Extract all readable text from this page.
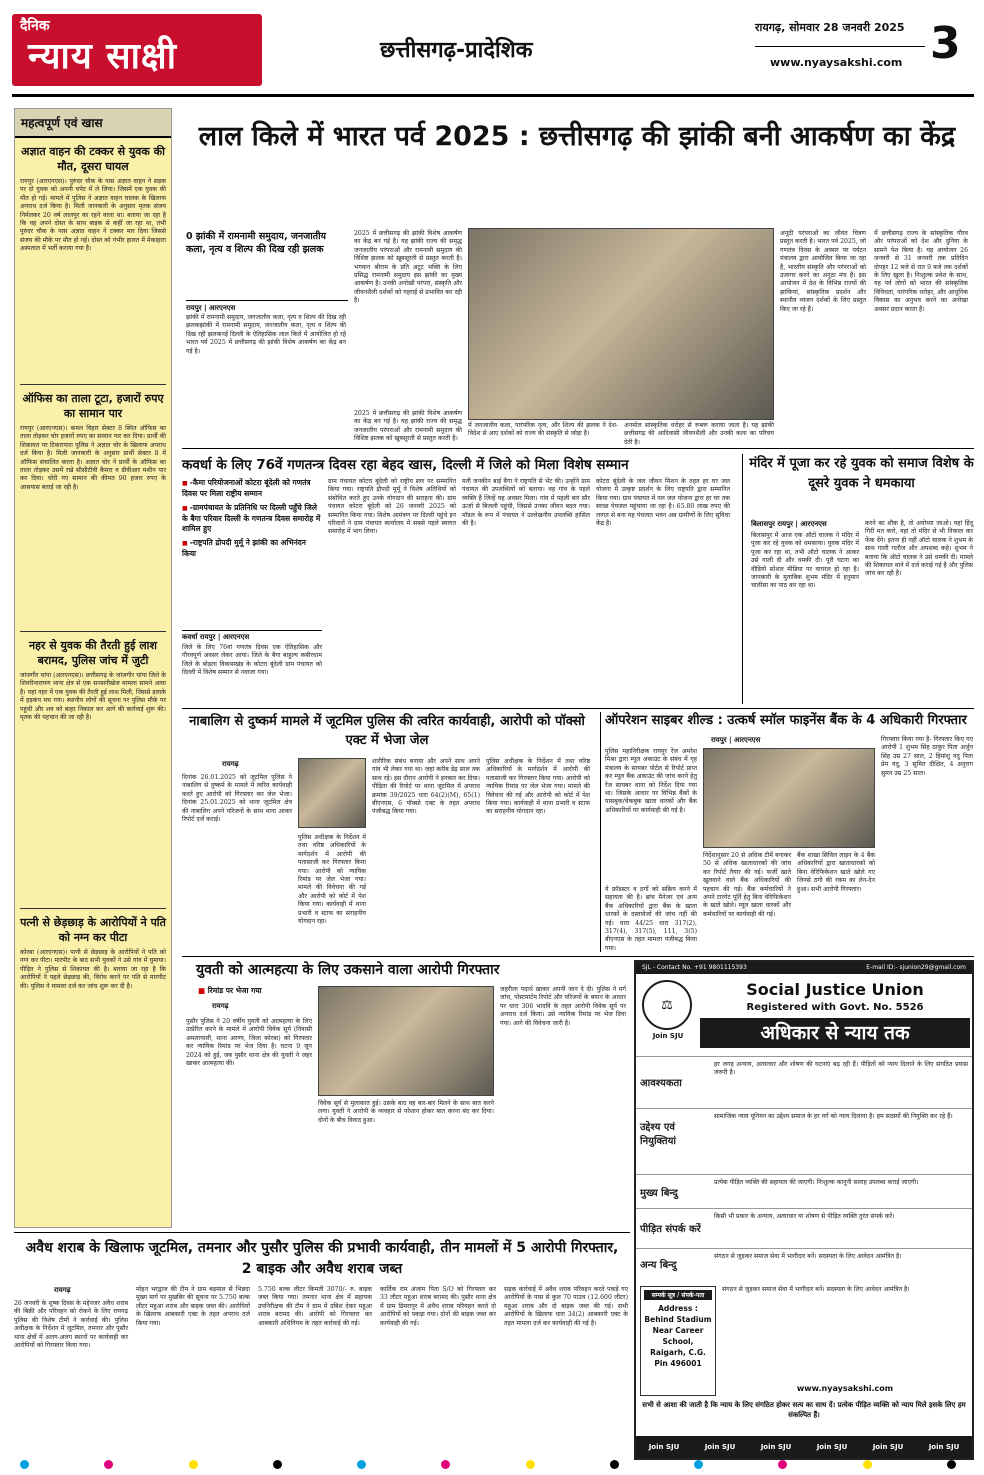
दैनिक
न्याय साक्षी	छत्तीसगढ़-प्रादेशिक
रायगढ़, सोमवार 28 जनवरी 2025
www.nyaysakshi.com 3
महत्वपूर्ण एवं खास
अज्ञात वाहन की टक्कर से युवक की मौत, दूसरा घायल
रायपुर (आरएनएस)। पुरुंदर चौक के पास अज्ञात वाहन ने सड़क पर दो युवक को अपनी चपेट में ले लिया। जिसमें एक युवक की मौत हो गई। मामले में पुलिस ने अज्ञात वाहन चालक के खिलाफ अपराध दर्ज किया है। मिली जानकारी के अनुसार मृतक संजय निर्मलकर 20 वर्ष लालपुर का रहने वाला था। बताया जा रहा है कि वह अपने दोस्त के साथ बाइक से कहीं जा रहा था, तभी पुरुंदर चौक के पास अज्ञात वाहन ने टक्कर मार दिया जिससे संजय की मौके पर मौत हो गई। दोस्त को गंभीर हालत में मेकाहारा अस्पताल में भर्ती कराया गया है।
ऑफिस का ताला टूटा, हजारों रुपए का सामान पार
रायपुर (आरएनएस)। कमल विहार सेक्टर 8 स्थित ऑफिस का ताला तोड़कर चोर हजारों रुपए का सामान पार कर दिया। प्रार्थी की शिकायत पर टिकरापारा पुलिस ने अज्ञात चोर के खिलाफ अपराध दर्ज किया है। मिली जानकारी के अनुसार प्रार्थी सेक्टर 8 में ऑफिस संचालित करता है। अज्ञात चोर ने प्रार्थी के ऑफिस का ताला तोड़कर उसमें रखे सीसीटीवी कैमरा व डीवीआर मशीन पार कर दिया। चोरी गए सामान की कीमत 90 हजार रुपए के आसपास बताई जा रही है।
नहर से युवक की तैरती हुई लाश बरामद, पुलिस जांच में जुटी
जांजगीर चांपा (आरएनएस)। छत्तीसगढ़ के जांजगीर चांपा जिले के शिवरीनारायण थाना क्षेत्र से एक सनसनीखेज मामला सामने आया है। यहां नहर में एक युवक की तैरती हुई लाश मिली, जिससे इलाके में हड़कंप मच गया। स्थानीय लोगों की सूचना पर पुलिस मौके पर पहुंची और शव को बाहर निकाल कर आगे की कार्रवाई शुरू की। मृतक की पहचान की जा रही है।
पत्नी से छेड़छाड़ के आरोपियों ने पति को नग्न कर पीटा
कोरबा (आरएनएस)। पत्नी से छेड़छाड़ के आरोपियों ने पति को नग्न कर पीटा। मारपीट के बाद सभी युवकों ने उसे गांव में घुमाया। पीड़ित ने पुलिस से शिकायत की है। बताया जा रहा है कि आरोपियों ने पहले छेड़छाड़ की, विरोध करने पर पति से मारपीट की। पुलिस ने मामला दर्ज कर जांच शुरू कर दी है।
लाल किले में भारत पर्व 2025 : छत्तीसगढ़ की झांकी बनी आकर्षण का केंद्र
0 झांकी में रामनामी समुदाय, जनजातीय कला, नृत्य व शिल्प की दिख रही झलक
रायपुर | आरएनएस
झांकी में रामनामी समुदाय, जनजातीय कला, नृत्य व शिल्प की दिख रही झलकझांकी में रामनामी समुदाय, जनजातीय कला, नृत्य व शिल्प की दिख रही झलकनई दिल्ली के ऐतिहासिक लाल किले में आयोजित हो रहे भारत पर्व 2025 में छत्तीसगढ़ की झांकी विशेष आकर्षण का केंद्र बन गई है।
2025 में छत्तीसगढ़ की झांकी विशेष आकर्षण का केंद्र बन गई है। यह झांकी राज्य की समृद्ध जनजातीय परंपराओं और रामनामी समुदाय की विशिष्ट झलक को खूबसूरती से प्रस्तुत करती है। भगवान श्रीराम के प्रति अटूट भक्ति के लिए प्रसिद्ध रामनामी समुदाय इस झांकी का मुख्य आकर्षण है। उनकी अनोखी परंपरा, संस्कृति और जीवनशैली दर्शकों को गहराई से प्रभावित कर रही है।
अनूठी परंपराओं का जीवंत चित्रण प्रस्तुत करती है। भारत पर्व 2025, जो गणतंत्र दिवस के अवसर पर पर्यटन मंत्रालय द्वारा आयोजित किया जा रहा है, भारतीय संस्कृति और परंपराओं को उजागर करने का अनूठा मंच है। इस आयोजन में देश के विभिन्न राज्यों की झांकियां, सांस्कृतिक प्रदर्शन और स्थानीय व्यंजन दर्शकों के लिए प्रस्तुत किए जा रहे हैं।
में छत्तीसगढ़ राज्य के सांस्कृतिक गौरव और परंपराओं को देश और दुनिया के सामने पेश किया है। यह आयोजन 26 जनवरी से 31 जनवरी तक प्रतिदिन दोपहर 12 बजे से रात 9 बजे तक दर्शकों के लिए खुला है। निःशुल्क प्रवेश के साथ, यह पर्व लोगों को भारत की सांस्कृतिक विविधता, पारंपरिक धरोहर, और आधुनिक विकास का अनुभव करने का अनोखा अवसर प्रदान करता है।
2025 में छत्तीसगढ़ की झांकी विशेष आकर्षण का केंद्र बन गई है। यह झांकी राज्य की समृद्ध जनजातीय परंपराओं और रामनामी समुदाय की विशिष्ट झलक को खूबसूरती से प्रस्तुत करती है।
में जनजातीय कला, पारंपरिक नृत्य, और शिल्प की झलक ने देश-विदेश से आए दर्शकों को राज्य की संस्कृति से जोड़ा है।
अनमोल सांस्कृतिक धरोहर से रूबरू कराया जाता है। यह झांकी छत्तीसगढ़ की आदिवासी जीवनशैली और उनकी कला का परिचय देती है।
कवर्धा के लिए 76वें गणतन्त्र दिवस रहा बेहद खास, दिल्ली में जिले को मिला विशेष सम्मान
■ -कैमा परियोजनाओं कोटरा बूंदेली को गणतंत्र दिवस पर मिला राष्ट्रीय सम्मान
■ -ग्रामपंचायत के प्रतिनिधि पर दिल्ली पहुँचे जिले के बैगा परिवार दिल्ली के गणतन्त्र दिवस समारोह में शामिल हुए
■ -राष्ट्रपति द्रोपदी मुर्मू ने झांकी का अभिनंदन किया
कवर्धा रायपुर | आरएनएस
जिले के लिए 76वां गणतंत्र दिवस एक ऐतिहासिक और गौरवपूर्ण अवसर लेकर आया। जिले के बैगा बाहुल्य कबीरधाम जिले के बोड़ला विकासखंड के कोटरा बूंदेली ग्राम पंचायत को दिल्ली में विशेष सम्मान से नवाजा गया।
ग्राम पंचायत कोटरा बूंदेली को राष्ट्रीय स्तर पर सम्मानित किया गया। राष्ट्रपति द्रौपदी मुर्मू ने विशेष अतिथियों को संबोधित करते हुए उनके योगदान की सराहना की। ग्राम पंचायत कोटरा बूंदेली को 26 जनवरी 2025 को सम्मानित किया गया। विशेष आमंत्रण पर दिल्ली पहुंचे इन परिवारों ने ग्राम पंचायत कार्यालय में सबसे पहले स्वागत समारोह में भाग लिया।
मती जनकीन बाई बैगा ने राष्ट्रपति से भेंट की। उन्होंने ग्राम पंचायत की उपलब्धियों को बताया। वह गांव के पहले व्यक्ति हैं जिन्हें यह अवसर मिला। गांव में पहली बार सौर ऊर्जा से बिजली पहुंची, जिससे उनका जीवन बदल गया। मॉडल के रूप में पंचायत ने उल्लेखनीय उपलब्धि हासिल की है।
कोटरा बूंदेली के जल जीवन मिशन के तहत हर घर जल योजना में उत्कृष्ट प्रदर्शन के लिए राष्ट्रपति द्वारा सम्मानित किया गया। ग्राम पंचायत में नल जल योजना द्वारा हर घर तक स्वच्छ पेयजल पहुंचाया जा रहा है। 65.80 लाख रुपए की लागत से बना यह पंचायत भवन अब ग्रामीणों के लिए सुविधा केंद्र है।
मंदिर में पूजा कर रहे युवक को समाज विशेष के दूसरे युवक ने धमकाया
बिलासपुर रायपुर | आरएनएस
बिलासपुर में आज एक ऑटो चालक ने मंदिर में पूजा कर रहे युवक को धमकाया। युवक मंदिर में पूजा कर रहा था, तभी ऑटो चालक ने आकर उसे गाली दी और धमकी दी। पूरी घटना का वीडियो सोशल मीडिया पर वायरल हो रहा है। जानकारी के मुताबिक शुभम मंदिर में हनुमान चालीसा का पाठ कर रहा था।
करने का शौक है, तो अयोध्या जाओ। यहां हिंदू गिरी मत करो, यहां तो मंदिर से भी निकाल कर फेंक देंगे। इतना ही नहीं ऑटो चालक ने शुभम के साथ गाली गलौज और अपशब्द कहे। शुभम ने बताया कि ऑटो चालक ने उसे धमकी दी। मामले की शिकायत थाने में दर्ज कराई गई है और पुलिस जांच कर रही है।
नाबालिग से दुष्कर्म मामले में जूटमिल पुलिस की त्वरित कार्यवाही, आरोपी को पॉक्सो एक्ट में भेजा जेल
रायगढ़
दिनांक 26.01.2025 को जूटमिल पुलिस ने नाबालिग से दुष्कर्म के मामले में त्वरित कार्यवाही करते हुए आरोपी को गिरफ्तार कर जेल भेजा। दिनांक 25.01.2025 को थाना जूटमिल क्षेत्र की नाबालिग अपने परिजनों के साथ थाना आकर रिपोर्ट दर्ज कराई।
शारीरिक संबंध बनाया और अपने साथ अपने गांव भी लेकर गया था। जहां करीब डेढ़ साल तक साथ रहे। इस दौरान आरोपी ने इनकार कर दिया। पीड़िता की रिपोर्ट पर थाना जूटमिल में अपराध क्रमांक 39/2025 धारा 64(2)(M), 65(1) बीएनएस, 6 पॉक्सो एक्ट के तहत अपराध पंजीबद्ध किया गया।
पुलिस अधीक्षक के निर्देशन में तथा वरिष्ठ अधिकारियों के मार्गदर्शन में आरोपी की पतासाजी कर गिरफ्तार किया गया। आरोपी को न्यायिक रिमांड पर जेल भेजा गया। मामले की विवेचना की गई और आरोपी को कोर्ट में पेश किया गया। कार्यवाही में थाना प्रभारी व स्टाफ का सराहनीय योगदान रहा।
पुलिस अधीक्षक के निर्देशन में तथा वरिष्ठ अधिकारियों के मार्गदर्शन में आरोपी की पतासाजी कर गिरफ्तार किया गया। आरोपी को न्यायिक रिमांड पर जेल भेजा गया। मामले की विवेचना की गई और आरोपी को कोर्ट में पेश किया गया। कार्यवाही में थाना प्रभारी व स्टाफ का सराहनीय योगदान रहा।
ऑपरेशन साइबर शील्ड : उत्कर्ष स्मॉल फाइनेंस बैंक के 4 अधिकारी गिरफ्तार
रायपुर | आरएनएस
पुलिस महानिरीक्षक रायपुर रेंज अमरेश मिश्रा द्वारा म्यूल अकाउंट के संबंध में गृह मंत्रालय के सायबर पोर्टल से रिपोर्ट प्राप्त कर म्यूल बैंक अकाउंट की जांच करने हेतु रेंज सायबर थाना को निर्देश दिया गया था। जिसके आधार पर विभिन्न बैंकों के पासबुक/चेकबुक खाता धारकों और बैंक अधिकारियों पर कार्यवाही की गई है।
निर्देशानुसार 20 से अधिक टीमें बनाकर 50 से अधिक खाताधारकों की जांच कर रिपोर्ट तैयार की गई। फर्जी खाते खुलवाने वाले बैंक अधिकारियों की पहचान की गई। बैंक कर्मचारियों ने अपने टारगेट पूर्ति हेतु बिना वेरिफिकेशन के खाते खोले। म्यूल खाता धारकों और कर्मचारियों पर कार्यवाही की गई।
ये फ्रॉडस्टर व ठगों को सक्रिय करने में सहायता की है। ब्रांच मैनेजर एवं अन्य बैंक अधिकारियों द्वारा बैंक के खाता धारकों के दस्तावेजों की जांच नहीं की गई। धारा 44/25 धारा 317(2), 317(4), 317(5), 111, 3(5) बीएनएस के तहत मामला पंजीबद्ध किया गया।
बैंक शाखा सिविल लाइन के 4 बैंक अधिकारियों द्वारा खाताधारकों को बिना वेरिफिकेशन खाते खोले गए जिनसे ठगी की रकम का लेन-देन हुआ। सभी आरोपी गिरफ्तार।
गिरफ्तार किया गया है- गिरफ्तार किए गए आरोपी 1 शुभम सिंह ठाकुर पिता अर्जुन सिंह उम्र 27 साल, 2 हिमांशु यदु पिता प्रेम यदु, 3 सुमित दीक्षित, 4 अनुराग सुमन उम्र 25 साल।
युवती को आत्महत्या के लिए उकसाने वाला आरोपी गिरफ्तार
■ रिमांड पर भेजा गया
रायगढ़
पुसौर पुलिस ने 20 वर्षीय युवती को आत्महत्या के लिए उत्प्रेरित करने के मामले में आरोपी विवेक सूर्य (निवासी अमलापाली, थाना अरण्य, जिला कोरबा) को गिरफ्तार कर न्यायिक रिमांड पर भेज दिया है। घटना 9 जून 2024 को हुई, जब पुसौर थाना क्षेत्र की युवती ने जहर खाकर आत्महत्या की।
विवेक सूर्य से मुलाकात हुई। उसके बाद वह बार-बार मिलने के साथ बात करने लगा। युवती ने आरोपी के व्यवहार से परेशान होकर बात करना बंद कर दिया। दोनों के बीच विवाद हुआ।
जहरीला पदार्थ खाकर अपनी जान दे दी। पुलिस ने मर्ग जांच, पोस्टमार्टम रिपोर्ट और परिजनों के बयान के आधार पर धारा 306 भादवि के तहत आरोपी विवेक सूर्य पर अपराध दर्ज किया। उसे न्यायिक रिमांड पर भेज दिया गया। आगे की विवेचना जारी है।
SJL - Contact No. +91 9801115393	E-mail ID:- sjunion29@gmail.com
⚖
Join SJU
Social Justice Union
Registered with Govt. No. 5526
अधिकार से न्याय तक
आवश्यकता
हर जगह अन्याय, अत्याचार और शोषण की घटनाएं बढ़ रही हैं। पीड़ितों को न्याय दिलाने के लिए संगठित प्रयास जरूरी है।
उद्देश्य एवं नियुक्तियां
सामाजिक न्याय यूनियन का उद्देश्य समाज के हर वर्ग को न्याय दिलाना है। हम सदस्यों की नियुक्ति कर रहे हैं।
मुख्य बिन्दु
प्रत्येक पीड़ित व्यक्ति की सहायता की जाएगी। निःशुल्क कानूनी सलाह उपलब्ध कराई जाएगी।
पीड़ित संपर्क करें
किसी भी प्रकार के अन्याय, अत्याचार या शोषण से पीड़ित व्यक्ति तुरंत संपर्क करें।
अन्य बिन्दु
संगठन से जुड़कर समाज सेवा में भागीदार बनें। सदस्यता के लिए आवेदन आमंत्रित है।
सम्पर्क सूत्र / संपर्क-पता
Address : Behind Stadium Near Career School, Raigarh, C.G. Pin 496001
संगठन से जुड़कर समाज सेवा में भागीदार बनें। सदस्यता के लिए आवेदन आमंत्रित है।
www.nyaysakshi.com
सभी से आशा की जाती है कि न्याय के लिए संगठित होकर सत्य का साथ दें। प्रत्येक पीड़ित व्यक्ति को न्याय मिले इसके लिए हम संकल्पित हैं।
Join SJU	Join SJU	Join SJU	Join SJU	Join SJU	Join SJU
अवैध शराब के खिलाफ जूटमिल, तमनार और पुसौर पुलिस की प्रभावी कार्यवाही, तीन मामलों में 5 आरोपी गिरफ्तार, 2 बाइक और अवैध शराब जब्त
रायगढ़
26 जनवरी के शुष्क दिवस के मद्देनजर अवैध शराब की बिक्री और परिवहन को रोकने के लिए रायगढ़ पुलिस की विशेष टीमों ने कार्रवाई की। पुलिस अधीक्षक के निर्देशन में जूटमिल, तमनार और पुसौर थाना क्षेत्रों में अलग-अलग स्थानों पर कार्यवाही कर आरोपियों को गिरफ्तार किया गया।
मोहन भरद्वाज की टीम ने ग्राम बड़माल से भिन्नदा मुख्य मार्ग पर मुखबिर की सूचना पर 5.750 बल्क लीटर महुआ शराब और बाइक जब्त की। आरोपियों के खिलाफ आबकारी एक्ट के तहत अपराध दर्ज किया गया।
5.750 बल्क लीटर किमती 3070/- रु. बाइक जब्त किया गया। तमनार थाना क्षेत्र में सहायक उपनिरीक्षक की टीम ने ग्राम में दबिश देकर महुआ शराब बरामद की। आरोपी को गिरफ्तार कर आबकारी अधिनियम के तहत कार्रवाई की गई।
कार्तिक राम अंजाम पिता S/O को गिरफ्तार कर 33 लीटर महुआ शराब बरामद की। पुसौर थाना क्षेत्र में ग्राम ढिमरापुर में अवैध शराब परिवहन करते दो आरोपियों को पकड़ा गया। दोनों की बाइक जब्त कर कार्यवाही की गई।
सड़क कार्रवाई में अवैध शराब परिवहन करते पकड़े गए आरोपियों के पास से कुल 70 पाउच (12.600 लीटर) महुआ शराब और दो बाइक जब्त की गई। सभी आरोपियों के खिलाफ धारा 34(2) आबकारी एक्ट के तहत मामला दर्ज कर कार्यवाही की गई है।
